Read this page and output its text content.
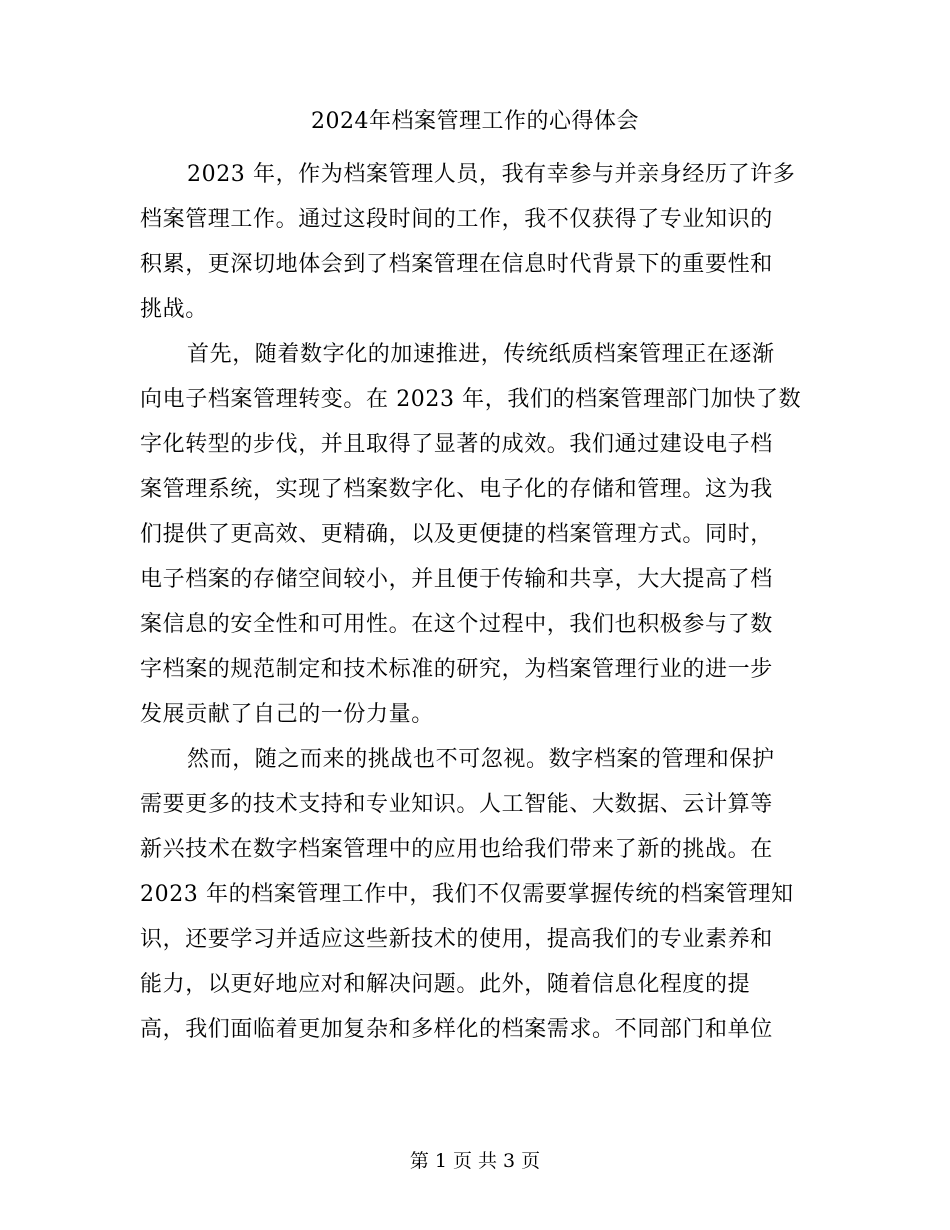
2024年档案管理工作的心得体会
2023 年，作为档案管理人员，我有幸参与并亲身经历了许多
档案管理工作。通过这段时间的工作，我不仅获得了专业知识的
积累，更深切地体会到了档案管理在信息时代背景下的重要性和
挑战。
首先，随着数字化的加速推进，传统纸质档案管理正在逐渐
向电子档案管理转变。在 2023 年，我们的档案管理部门加快了数
字化转型的步伐，并且取得了显著的成效。我们通过建设电子档
案管理系统，实现了档案数字化、电子化的存储和管理。这为我
们提供了更高效、更精确，以及更便捷的档案管理方式。同时，
电子档案的存储空间较小，并且便于传输和共享，大大提高了档
案信息的安全性和可用性。在这个过程中，我们也积极参与了数
字档案的规范制定和技术标准的研究，为档案管理行业的进一步
发展贡献了自己的一份力量。
然而，随之而来的挑战也不可忽视。数字档案的管理和保护
需要更多的技术支持和专业知识。人工智能、大数据、云计算等
新兴技术在数字档案管理中的应用也给我们带来了新的挑战。在
2023 年的档案管理工作中，我们不仅需要掌握传统的档案管理知
识，还要学习并适应这些新技术的使用，提高我们的专业素养和
能力，以更好地应对和解决问题。此外，随着信息化程度的提
高，我们面临着更加复杂和多样化的档案需求。不同部门和单位
第 1 页 共 3 页
